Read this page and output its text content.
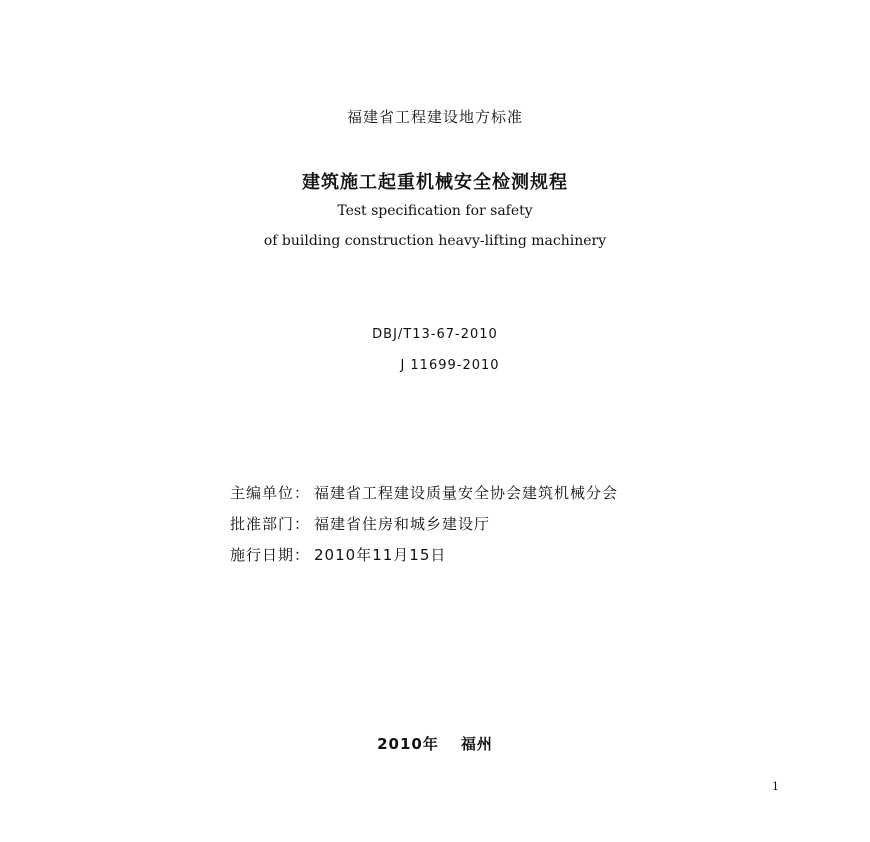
福建省工程建设地方标准
建筑施工起重机械安全检测规程
Test specification for safety
of building construction heavy-lifting machinery
DBJ/T13-67-2010
J 11699-2010
主编单位： 福建省工程建设质量安全协会建筑机械分会
批准部门： 福建省住房和城乡建设厅
施行日期： 2010年11月15日
2010年 福州
1
